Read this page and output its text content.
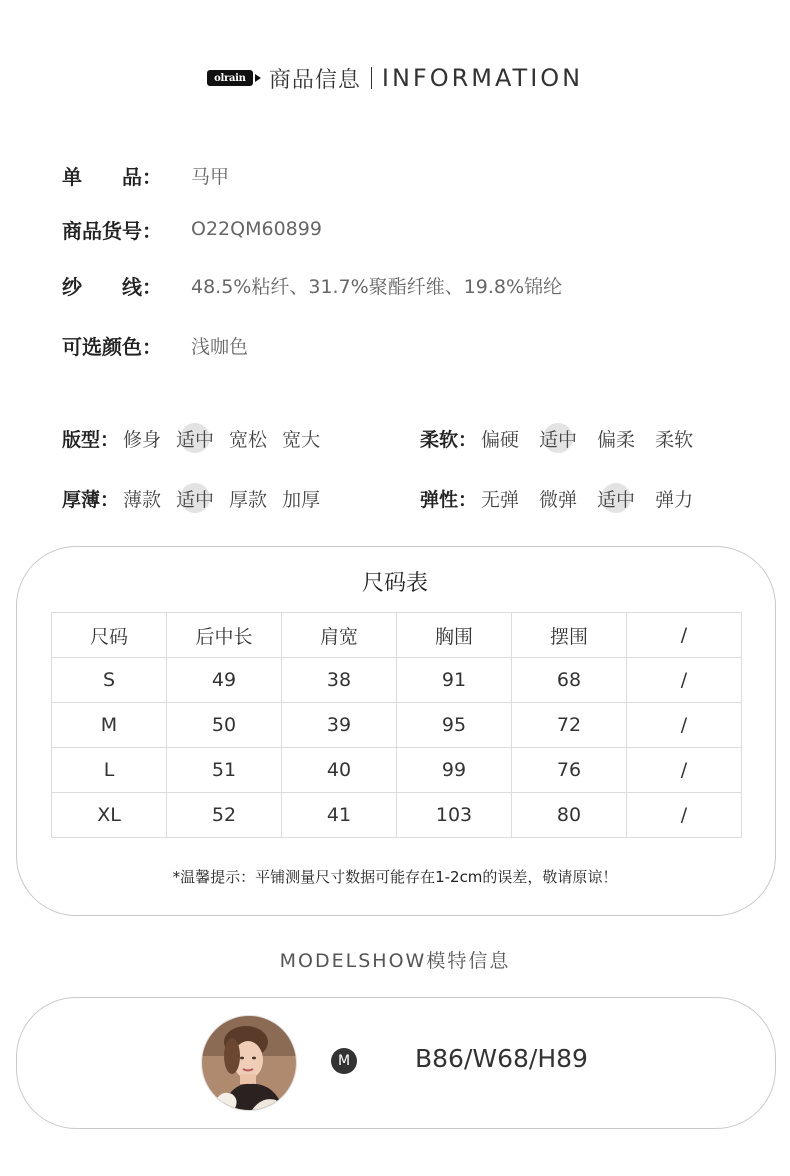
olrain 商品信息 INFORMATION
单　　品：	马甲
商品货号：	O22QM60899
纱　　线：	48.5%粘纤、31.7%聚酯纤维、19.8%锦纶
可选颜色：	浅咖色
版型： 修身 适中 宽松 宽大	柔软： 偏硬 适中 偏柔 柔软
厚薄： 薄款 适中 厚款 加厚	弹性： 无弹 微弹 适中 弹力
尺码表
尺码	后中长	肩宽	胸围	摆围	/
S	49	38	91	68	/
M	50	39	95	72	/
L	51	40	99	76	/
XL	52	41	103	80	/
*温馨提示：平铺测量尺寸数据可能存在1-2cm的误差，敬请原谅！
MODELSHOW模特信息
M	B86/W68/H89
